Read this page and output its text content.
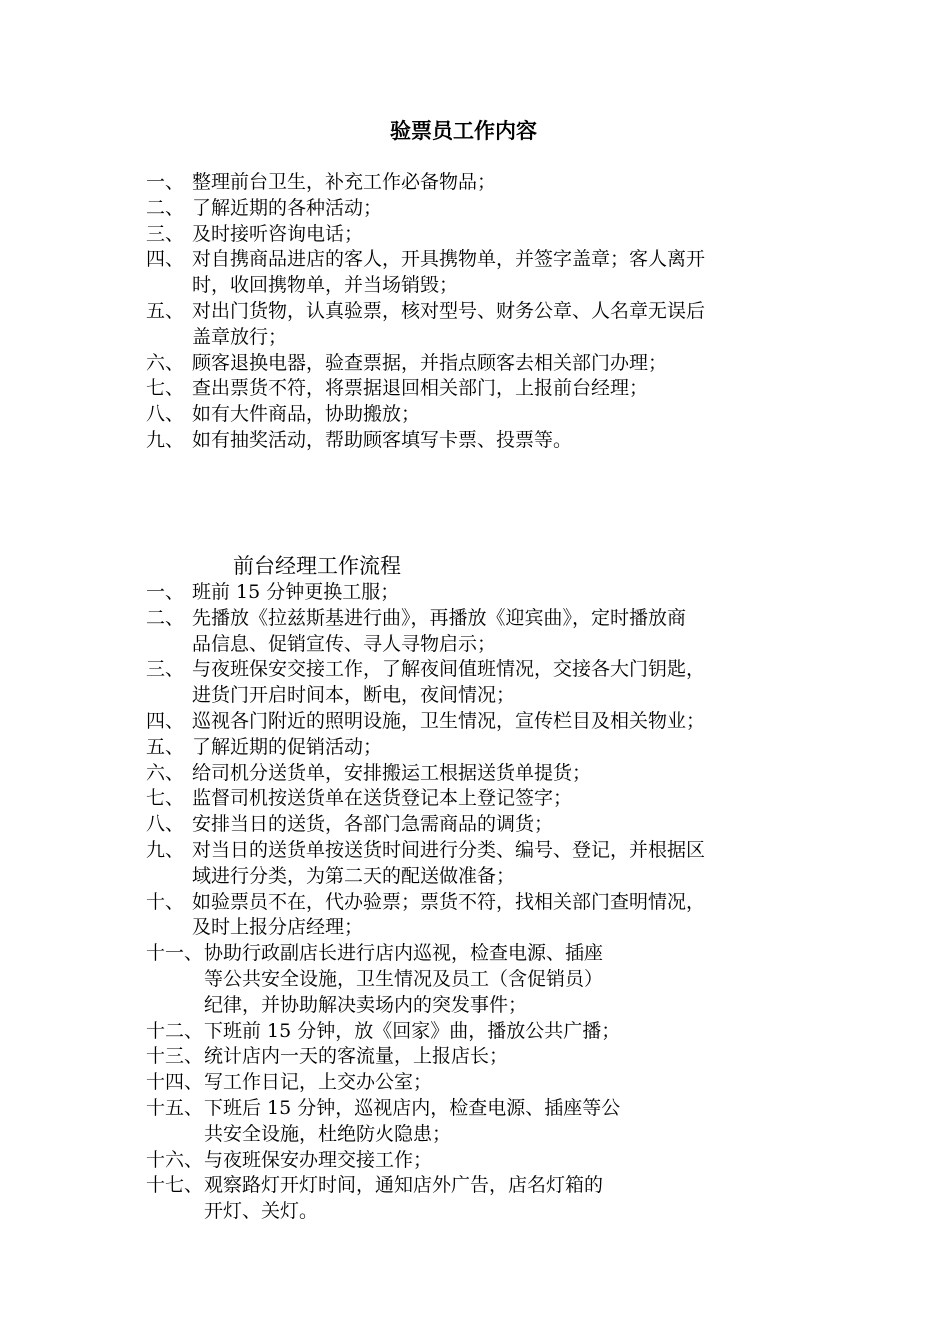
验票员工作内容
一、 整理前台卫生，补充工作必备物品；
二、 了解近期的各种活动；
三、 及时接听咨询电话；
四、 对自携商品进店的客人，开具携物单，并签字盖章；客人离开
时，收回携物单，并当场销毁；
五、 对出门货物，认真验票，核对型号、财务公章、人名章无误后
盖章放行；
六、 顾客退换电器，验查票据，并指点顾客去相关部门办理；
七、 查出票货不符，将票据退回相关部门，上报前台经理；
八、 如有大件商品，协助搬放；
九、 如有抽奖活动，帮助顾客填写卡票、投票等。
前台经理工作流程
一、 班前 15 分钟更换工服；
二、 先播放《拉兹斯基进行曲》，再播放《迎宾曲》，定时播放商
品信息、促销宣传、寻人寻物启示；
三、 与夜班保安交接工作，了解夜间值班情况，交接各大门钥匙，
进货门开启时间本，断电，夜间情况；
四、 巡视各门附近的照明设施，卫生情况，宣传栏目及相关物业；
五、 了解近期的促销活动；
六、 给司机分送货单，安排搬运工根据送货单提货；
七、 监督司机按送货单在送货登记本上登记签字；
八、 安排当日的送货，各部门急需商品的调货；
九、 对当日的送货单按送货时间进行分类、编号、登记，并根据区
域进行分类，为第二天的配送做准备；
十、 如验票员不在，代办验票；票货不符，找相关部门查明情况，
及时上报分店经理；
十一、 协助行政副店长进行店内巡视，检查电源、插座
等公共安全设施，卫生情况及员工（含促销员）
纪律，并协助解决卖场内的突发事件；
十二、 下班前 15 分钟，放《回家》曲，播放公共广播；
十三、 统计店内一天的客流量，上报店长；
十四、 写工作日记，上交办公室；
十五、 下班后 15 分钟，巡视店内，检查电源、插座等公
共安全设施，杜绝防火隐患；
十六、 与夜班保安办理交接工作；
十七、 观察路灯开灯时间，通知店外广告，店名灯箱的
开灯、关灯。
